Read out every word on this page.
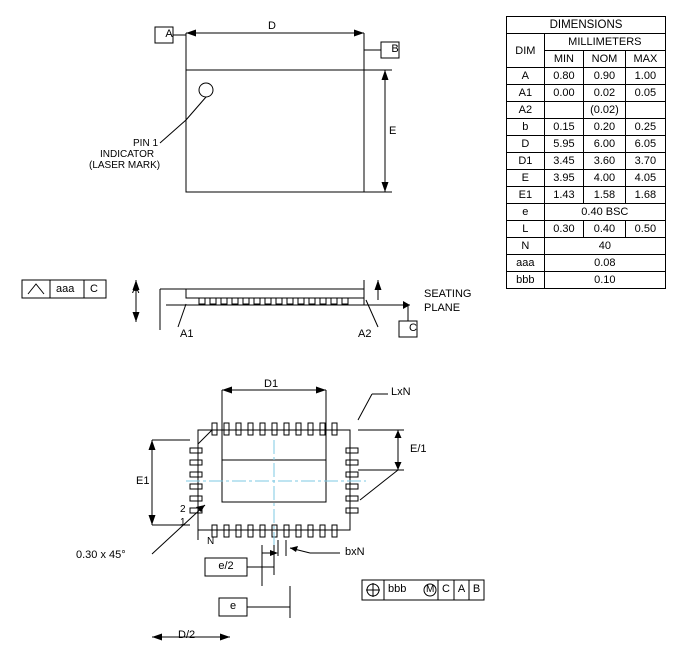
DIMENSIONS			
DIM	MILLIMETERS		
	MIN	NOM	MAX
A	0.80	0.90	1.00
A1	0.00	0.02	0.05
A2		(0.02)	
b	0.15	0.20	0.25
D	5.95	6.00	6.05
D1	3.45	3.60	3.70
E	3.95	4.00	4.05
E1	1.43	1.58	1.68
e	0.40 BSC		
L	0.30	0.40	0.50
N	40		
aaa	0.08		
bbb	0.10		
A
B
D
E
PIN 1
INDICATOR
(LASER MARK)
A
A1	A2	C
aaa C	SEATING
PLANE
D1
E1
LxN
E/1
bxN
N
2
1
0.30 x 45°
e/2
e
D/2
bbb M C A B
